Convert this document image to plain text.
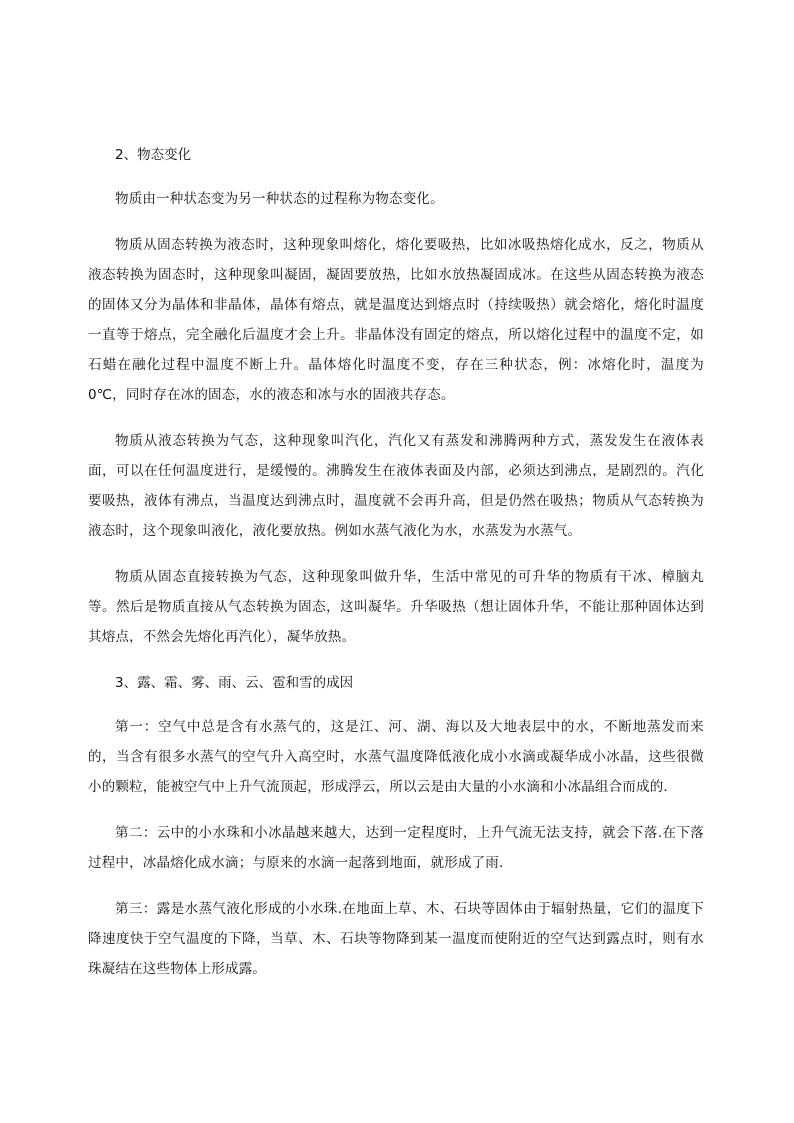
2、物态变化

物质由一种状态变为另一种状态的过程称为物态变化。

物质从固态转换为液态时，这种现象叫熔化，熔化要吸热，比如冰吸热熔化成水，反之，物质从液态转换为固态时，这种现象叫凝固，凝固要放热，比如水放热凝固成冰。在这些从固态转换为液态的固体又分为晶体和非晶体，晶体有熔点，就是温度达到熔点时（持续吸热）就会熔化，熔化时温度一直等于熔点，完全融化后温度才会上升。非晶体没有固定的熔点，所以熔化过程中的温度不定，如石蜡在融化过程中温度不断上升。晶体熔化时温度不变，存在三种状态，例：冰熔化时，温度为 0℃，同时存在冰的固态，水的液态和冰与水的固液共存态。

物质从液态转换为气态，这种现象叫汽化，汽化又有蒸发和沸腾两种方式，蒸发发生在液体表面，可以在任何温度进行，是缓慢的。沸腾发生在液体表面及内部，必须达到沸点，是剧烈的。汽化要吸热，液体有沸点，当温度达到沸点时，温度就不会再升高，但是仍然在吸热；物质从气态转换为液态时，这个现象叫液化，液化要放热。例如水蒸气液化为水，水蒸发为水蒸气。

物质从固态直接转换为气态，这种现象叫做升华，生活中常见的可升华的物质有干冰、樟脑丸等。然后是物质直接从气态转换为固态，这叫凝华。升华吸热（想让固体升华，不能让那种固体达到其熔点，不然会先熔化再汽化），凝华放热。

3、露、霜、雾、雨、云、雹和雪的成因

第一：空气中总是含有水蒸气的，这是江、河、湖、海以及大地表层中的水，不断地蒸发而来的，当含有很多水蒸气的空气升入高空时，水蒸气温度降低液化成小水滴或凝华成小冰晶，这些很微小的颗粒，能被空气中上升气流顶起，形成浮云，所以云是由大量的小水滴和小冰晶组合而成的.

第二：云中的小水珠和小冰晶越来越大，达到一定程度时，上升气流无法支持，就会下落.在下落过程中，冰晶熔化成水滴；与原来的水滴一起落到地面，就形成了雨.

第三：露是水蒸气液化形成的小水珠.在地面上草、木、石块等固体由于辐射热量，它们的温度下降速度快于空气温度的下降，当草、木、石块等物降到某一温度而使附近的空气达到露点时，则有水珠凝结在这些物体上形成露。
